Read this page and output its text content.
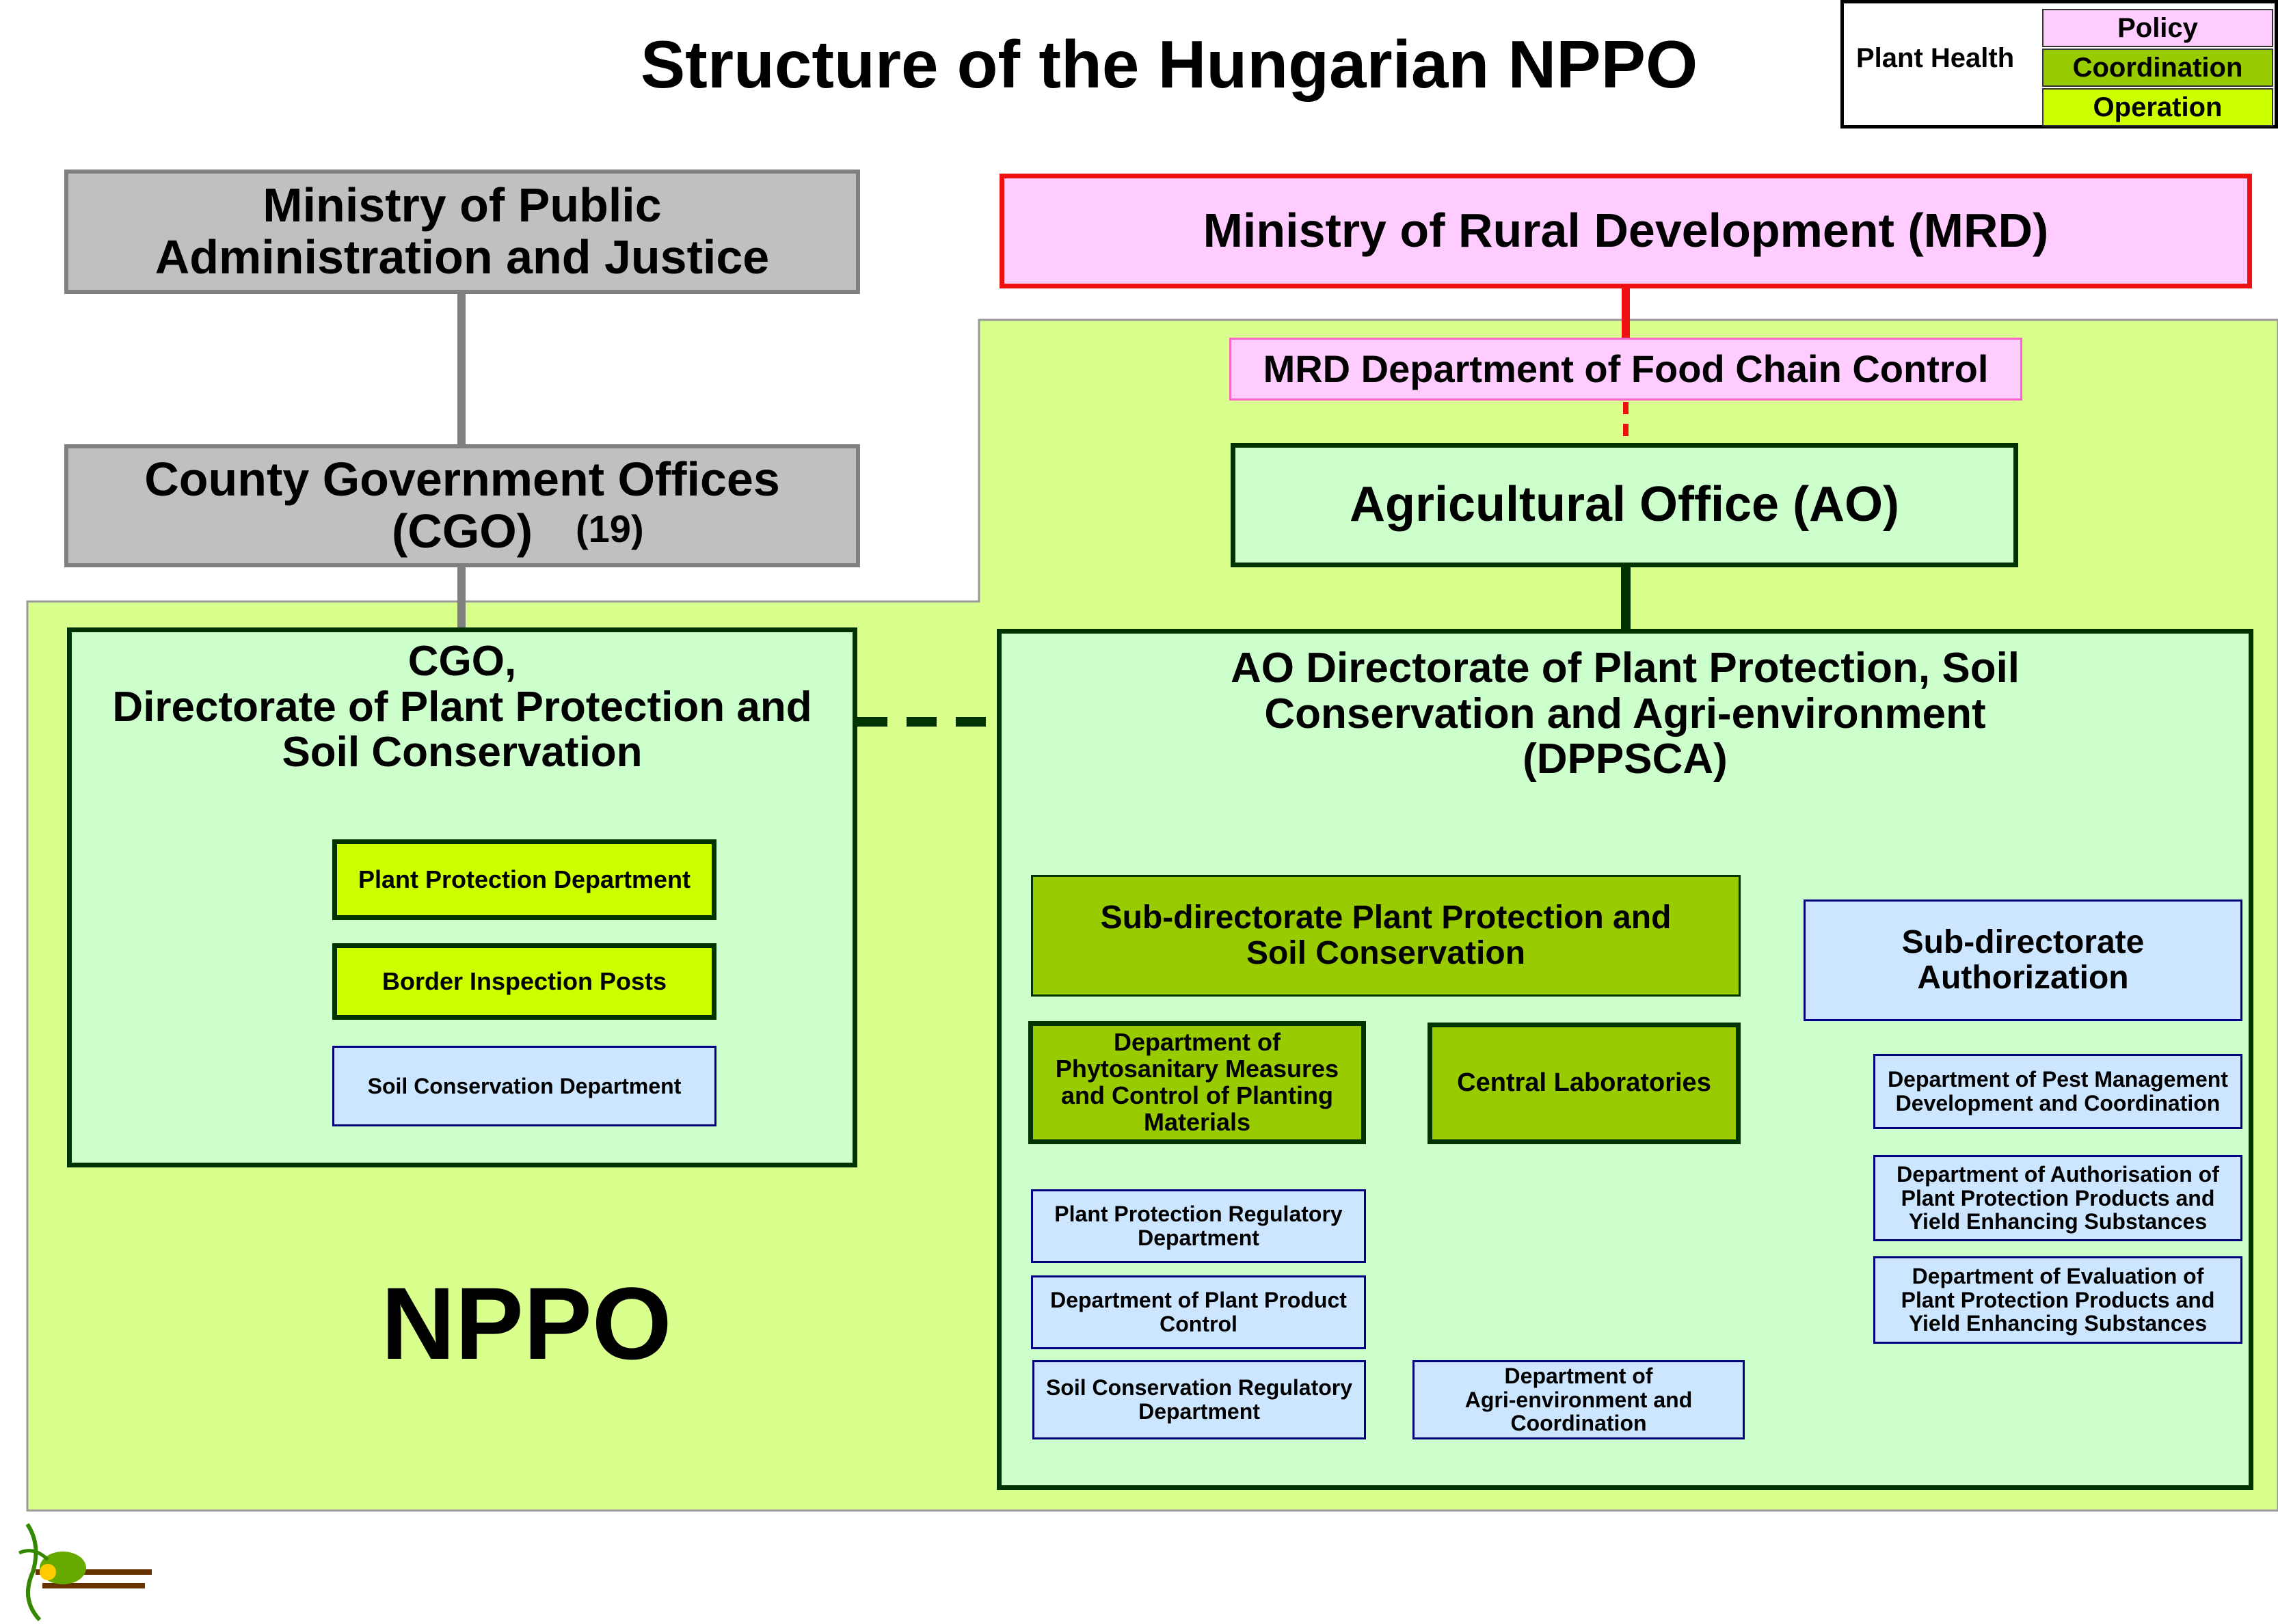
Structure of the Hungarian NPPO	Plant Health
Policy
Coordination
Operation
Ministry of Public
Administration and Justice	Ministry of Rural Development (MRD)
MRD Department of Food Chain Control
County Government Offices
(CGO)	(19)	Agricultural Office (AO)
CGO,
Directorate of Plant Protection and
Soil Conservation
Plant Protection Department
Border Inspection Posts
Soil Conservation Department
AO Directorate of Plant Protection, Soil
Conservation and Agri-environment
(DPPSCA)
Sub-directorate Plant Protection and
Soil Conservation	Sub-directorate
Authorization
Department of
Phytosanitary Measures
and Control of Planting
Materials
Central Laboratories
Plant Protection Regulatory
Department
Department of Plant Product
Control
Soil Conservation Regulatory
Department
Department of
Agri-environment and
Coordination
Department of Pest Management
Development and Coordination
Department of Authorisation of
Plant Protection Products and
Yield Enhancing Substances
Department of Evaluation of
Plant Protection Products and
Yield Enhancing Substances
NPPO
